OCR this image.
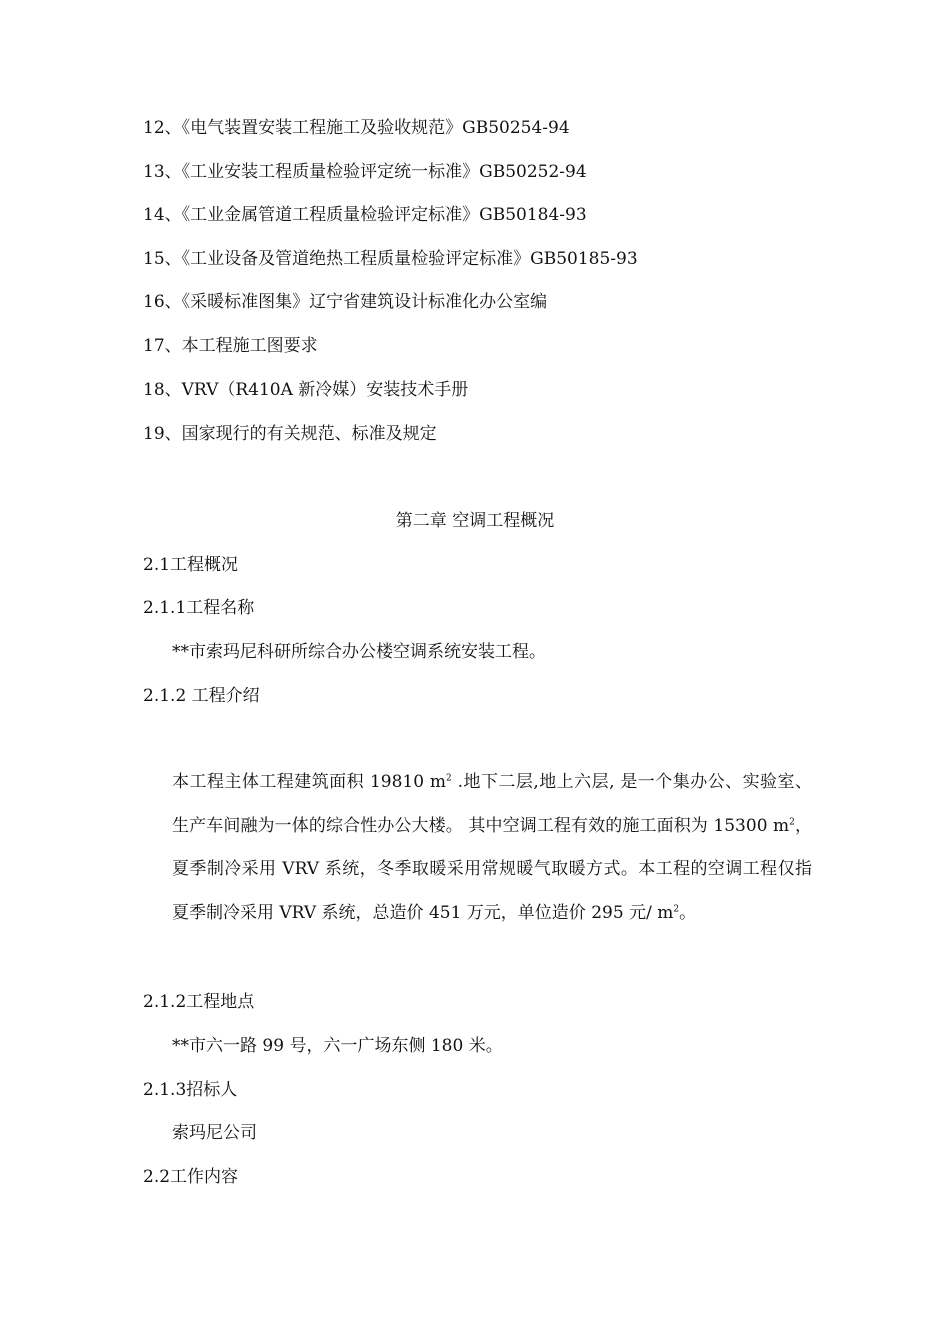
12、《电气装置安装工程施工及验收规范》GB50254-94
13、《工业安装工程质量检验评定统一标准》GB50252-94
14、《工业金属管道工程质量检验评定标准》GB50184-93
15、《工业设备及管道绝热工程质量检验评定标准》GB50185-93
16、《采暖标准图集》辽宁省建筑设计标准化办公室编
17、本工程施工图要求
18、VRV（R410A 新冷媒）安装技术手册
19、国家现行的有关规范、标准及规定
第二章 空调工程概况
2.1工程概况
2.1.1工程名称
**市索玛尼科研所综合办公楼空调系统安装工程。
2.1.2 工程介绍
本工程主体工程建筑面积 19810 $m^2$ .地下二层,地上六层, 是一个集办公、实验室、生产车间融为一体的综合性办公大楼。 其中空调工程有效的施工面积为 15300 $m^2$，夏季制冷采用 VRV 系统，冬季取暖采用常规暖气取暖方式。本工程的空调工程仅指夏季制冷采用 VRV 系统，总造价 451 万元，单位造价 295 元/ $m^2$。
2.1.2工程地点
**市六一路 99 号，六一广场东侧 180 米。
2.1.3招标人
索玛尼公司
2.2工作内容
